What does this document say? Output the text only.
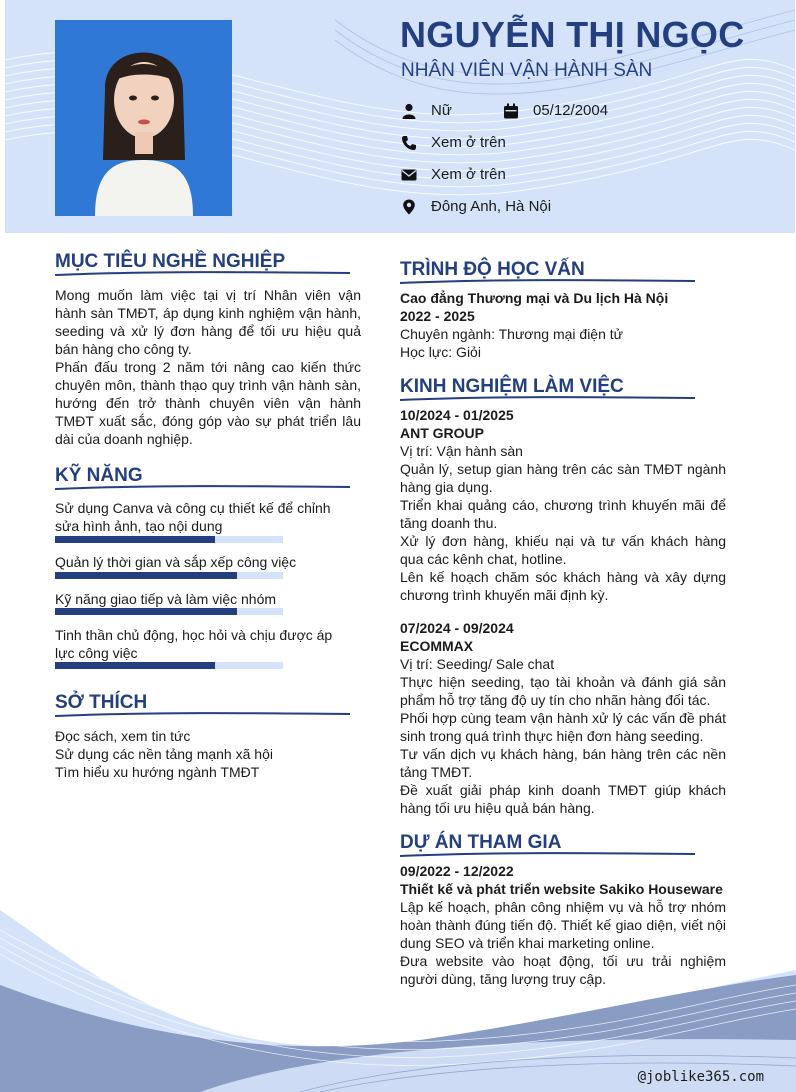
NGUYỄN THỊ NGỌC
NHÂN VIÊN VẬN HÀNH SÀN
Nữ	05/12/2004
Xem ở trên
Xem ở trên
Đông Anh, Hà Nội
MỤC TIÊU NGHỀ NGHIỆP

Mong muốn làm việc tại vị trí Nhân viên vận hành sàn TMĐT, áp dụng kinh nghiệm vận hành, seeding và xử lý đơn hàng để tối ưu hiệu quả bán hàng cho công ty.

Phấn đấu trong 2 năm tới nâng cao kiến thức chuyên môn, thành thạo quy trình vận hành sàn, hướng đến trở thành chuyên viên vận hành TMĐT xuất sắc, đóng góp vào sự phát triển lâu dài của doanh nghiệp.

KỸ NĂNG
Sử dụng Canva và công cụ thiết kế để chỉnh sửa hình ảnh, tạo nội dung
Quản lý thời gian và sắp xếp công việc
Kỹ năng giao tiếp và làm việc nhóm
Tinh thần chủ động, học hỏi và chịu được áp lực công việc
SỞ THÍCH
Đọc sách, xem tin tức
Sử dụng các nền tảng mạnh xã hội
Tìm hiểu xu hướng ngành TMĐT
TRÌNH ĐỘ HỌC VẤN
Cao đẳng Thương mại và Du lịch Hà Nội
2022 - 2025
Chuyên ngành: Thương mại điện tử
Học lực: Giỏi
KINH NGHIỆM LÀM VIỆC
10/2024 - 01/2025
ANT GROUP
Vị trí: Vận hành sàn
Quản lý, setup gian hàng trên các sàn TMĐT ngành hàng gia dụng.
Triển khai quảng cáo, chương trình khuyến mãi để tăng doanh thu.
Xử lý đơn hàng, khiếu nại và tư vấn khách hàng qua các kênh chat, hotline.
Lên kế hoạch chăm sóc khách hàng và xây dựng chương trình khuyến mãi định kỳ.
07/2024 - 09/2024
ECOMMAX
Vị trí: Seeding/ Sale chat
Thực hiện seeding, tạo tài khoản và đánh giá sản phẩm hỗ trợ tăng độ uy tín cho nhãn hàng đối tác.
Phối hợp cùng team vận hành xử lý các vấn đề phát sinh trong quá trình thực hiện đơn hàng seeding.
Tư vấn dịch vụ khách hàng, bán hàng trên các nền tảng TMĐT.
Đề xuất giải pháp kinh doanh TMĐT giúp khách hàng tối ưu hiệu quả bán hàng.
DỰ ÁN THAM GIA
09/2022 - 12/2022
Thiết kế và phát triển website Sakiko Houseware
Lập kế hoạch, phân công nhiệm vụ và hỗ trợ nhóm hoàn thành đúng tiến độ. Thiết kế giao diện, viết nội dung SEO và triển khai marketing online.
Đưa website vào hoạt động, tối ưu trải nghiệm người dùng, tăng lượng truy cập.
@joblike365.com
